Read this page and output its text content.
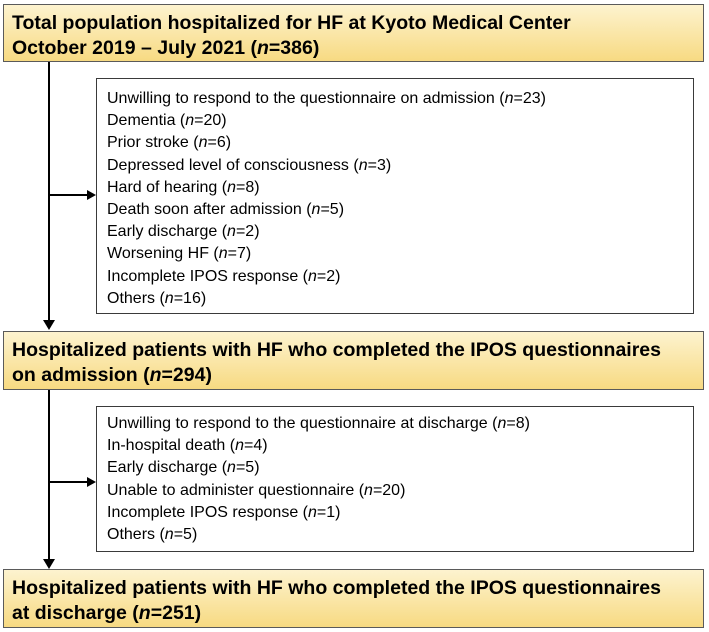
Total population hospitalized for HF at Kyoto Medical Center
October 2019 – July 2021 (n=386)
Unwilling to respond to the questionnaire on admission (n=23)
Dementia (n=20)
Prior stroke (n=6)
Depressed level of consciousness (n=3)
Hard of hearing (n=8)
Death soon after admission (n=5)
Early discharge (n=2)
Worsening HF (n=7)
Incomplete IPOS response (n=2)
Others (n=16)
Hospitalized patients with HF who completed the IPOS questionnaires
on admission (n=294)
Unwilling to respond to the questionnaire at discharge (n=8)
In-hospital death (n=4)
Early discharge (n=5)
Unable to administer questionnaire (n=20)
Incomplete IPOS response (n=1)
Others (n=5)
Hospitalized patients with HF who completed the IPOS questionnaires
at discharge (n=251)
